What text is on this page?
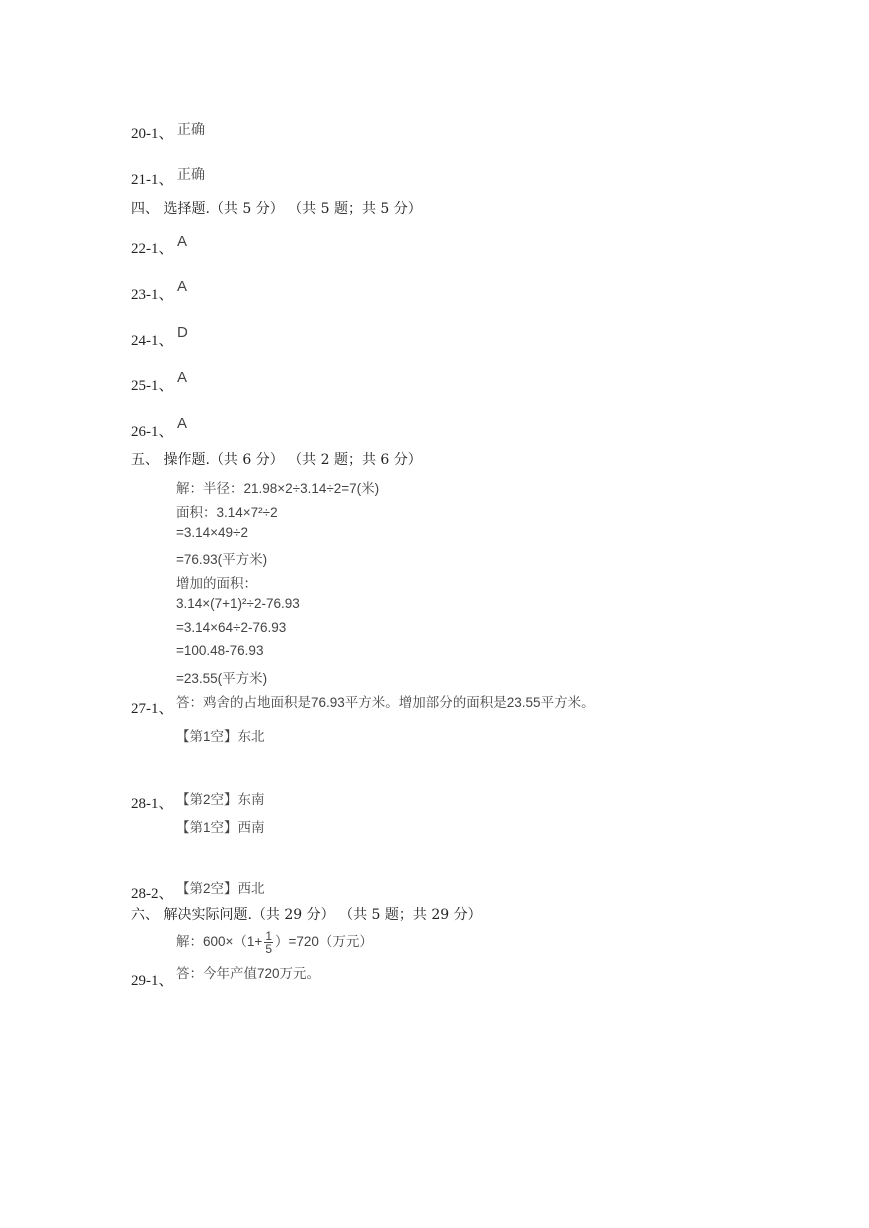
20-1、 正确
21-1、 正确
四、 选择题.（共 5 分） （共 5 题；共 5 分）
22-1、 A
23-1、 A
24-1、 D
25-1、 A
26-1、 A
五、 操作题.（共 6 分） （共 2 题；共 6 分）
解：半径：21.98×2÷3.14÷2=7(米)
面积：3.14×7²÷2
=3.14×49÷2
=76.93(平方米)
增加的面积：
3.14×(7+1)²÷2-76.93
=3.14×64÷2-76.93
=100.48-76.93
=23.55(平方米)
27-1、 答：鸡舍的占地面积是76.93平方米。增加部分的面积是23.55平方米。
【第1空】东北
28-1、 【第2空】东南
【第1空】西南
28-2、 【第2空】西北
六、 解决实际问题.（共 29 分） （共 5 题；共 29 分）
解：$600\times(1+ \frac{1}{5} )=720$（万元）
29-1、 答：今年产值720万元。
